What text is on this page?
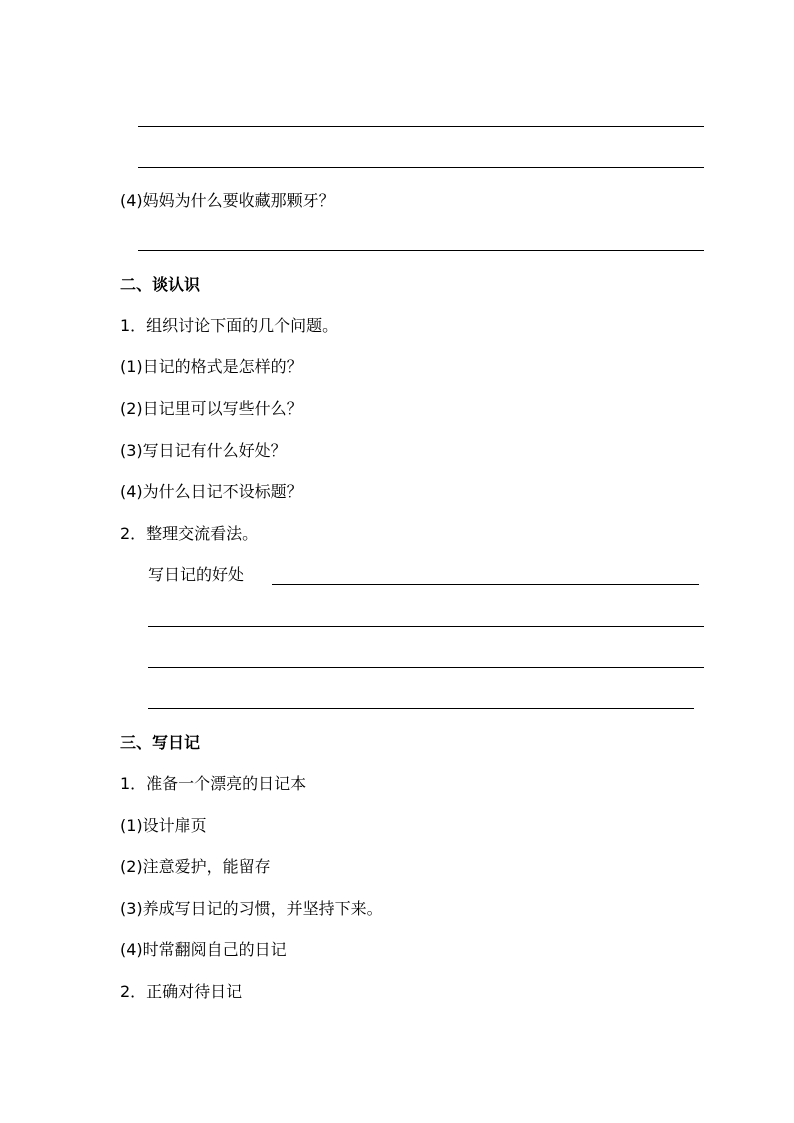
(4)妈妈为什么要收藏那颗牙？
二、谈认识
1．组织讨论下面的几个问题。
(1)日记的格式是怎样的？
(2)日记里可以写些什么？
(3)写日记有什么好处？
(4)为什么日记不设标题？
2．整理交流看法。
写日记的好处
三、写日记
1．准备一个漂亮的日记本
(1)设计扉页
(2)注意爱护，能留存
(3)养成写日记的习惯，并坚持下来。
(4)时常翻阅自己的日记
2．正确对待日记
